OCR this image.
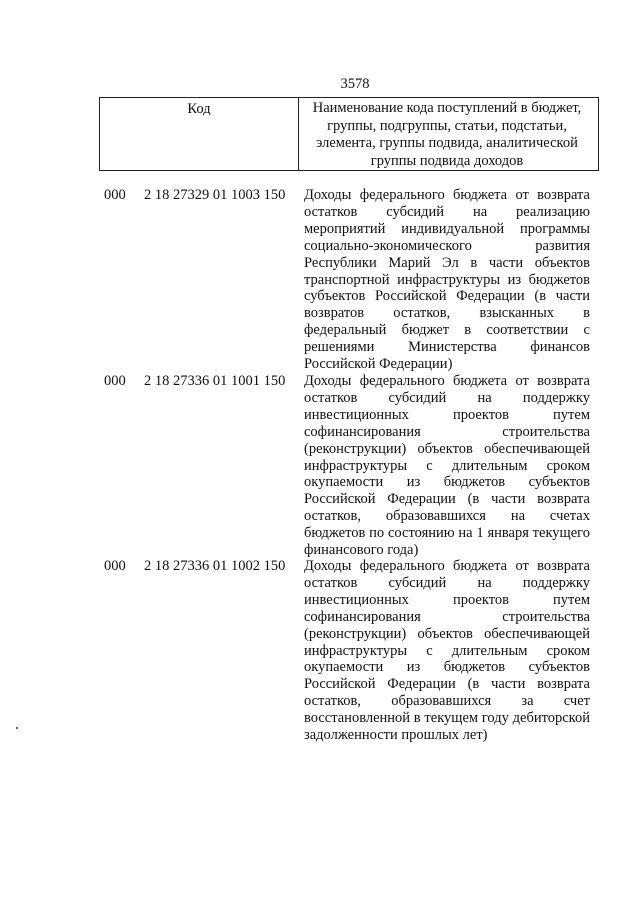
3578
Код	Наименование кода поступлений в бюджет, группы, подгруппы, статьи, подстатьи, элемента, группы подвида, аналитической группы подвида доходов
000 2 18 27329 01 1003 150 Доходы федерального бюджета от возврата остатков субсидий на реализацию мероприятий индивидуальной программы социально-экономического развития Республики Марий Эл в части объектов транспортной инфраструктуры из бюджетов субъектов Российской Федерации (в части возвратов остатков, взысканных в федеральный бюджет в соответствии с решениями Министерства финансов Российской Федерации)
000 2 18 27336 01 1001 150 Доходы федерального бюджета от возврата остатков субсидий на поддержку инвестиционных проектов путем софинансирования строительства (реконструкции) объектов обеспечивающей инфраструктуры с длительным сроком окупаемости из бюджетов субъектов Российской Федерации (в части возврата остатков, образовавшихся на счетах бюджетов по состоянию на 1 января текущего финансового года)
000 2 18 27336 01 1002 150 Доходы федерального бюджета от возврата остатков субсидий на поддержку инвестиционных проектов путем софинансирования строительства (реконструкции) объектов обеспечивающей инфраструктуры с длительным сроком окупаемости из бюджетов субъектов Российской Федерации (в части возврата остатков, образовавшихся за счет восстановленной в текущем году дебиторской задолженности прошлых лет)
